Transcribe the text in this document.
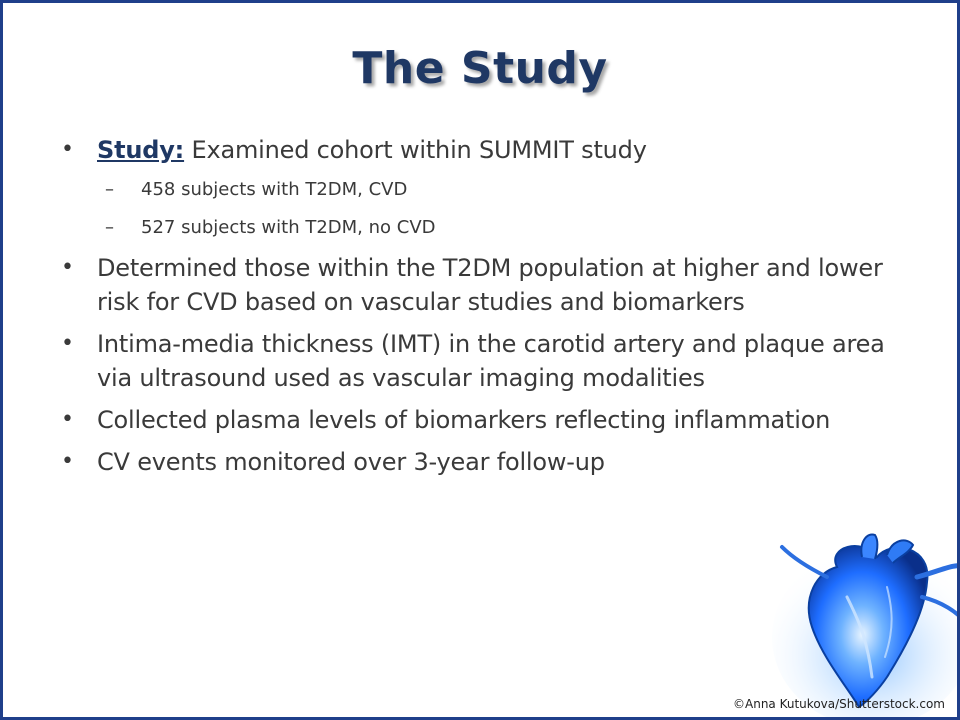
The Study
• Study: Examined cohort within SUMMIT study
– 458 subjects with T2DM, CVD
– 527 subjects with T2DM, no CVD
• Determined those within the T2DM population at higher and lower risk for CVD based on vascular studies and biomarkers
• Intima-media thickness (IMT) in the carotid artery and plaque area via ultrasound used as vascular imaging modalities
• Collected plasma levels of biomarkers reflecting inflammation
• CV events monitored over 3-year follow-up
©Anna Kutukova/Shutterstock.com
